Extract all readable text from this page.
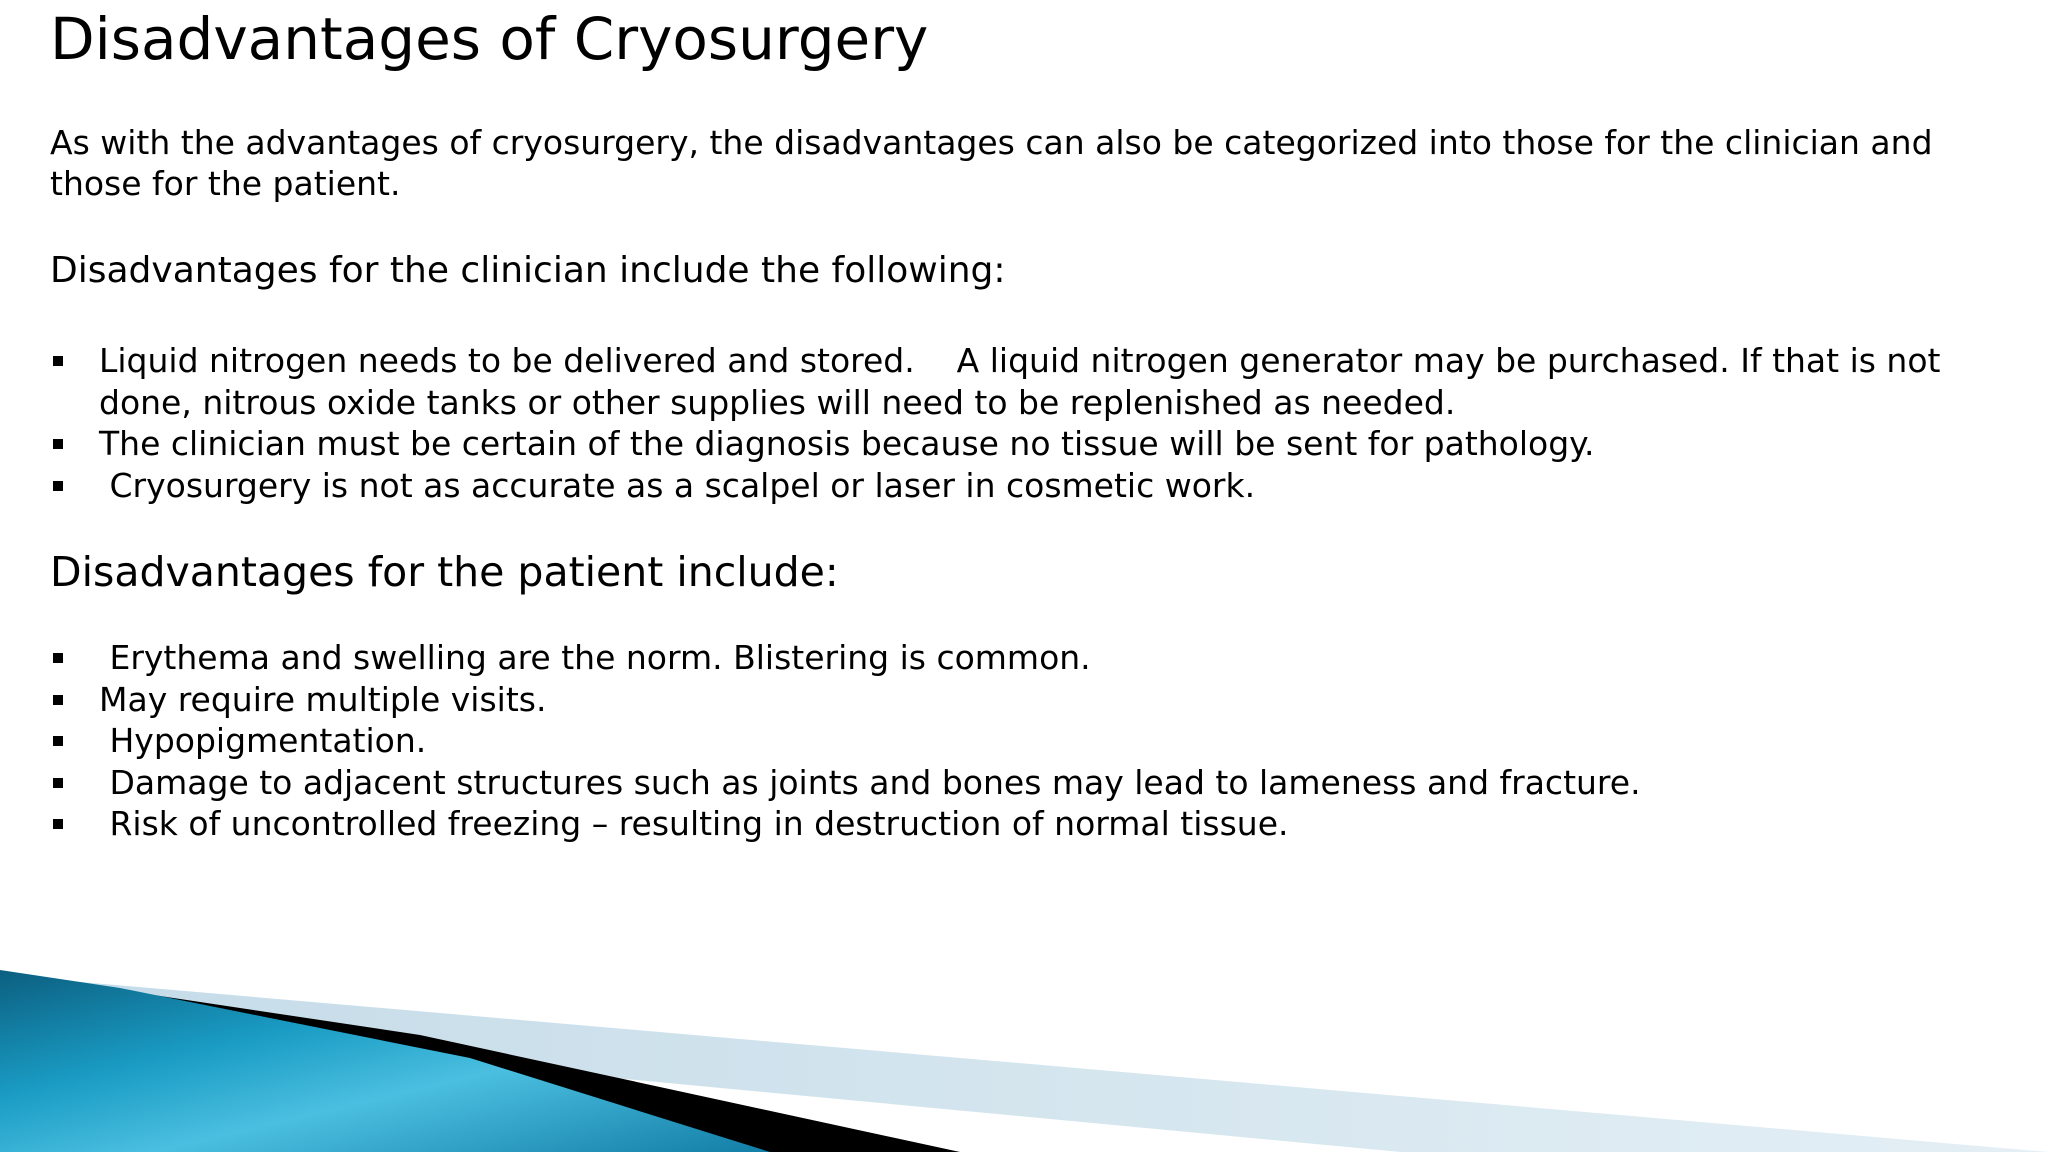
Disadvantages of Cryosurgery
As with the advantages of cryosurgery, the disadvantages can also be categorized into those for the clinician and those for the patient.
Disadvantages for the clinician include the following:
Liquid nitrogen needs to be delivered and stored.    A liquid nitrogen generator may be purchased. If that is not done, nitrous oxide tanks or other supplies will need to be replenished as needed.
The clinician must be certain of the diagnosis because no tissue will be sent for pathology.
Cryosurgery is not as accurate as a scalpel or laser in cosmetic work.
Disadvantages for the patient include:
Erythema and swelling are the norm. Blistering is common.
May require multiple visits.
Hypopigmentation.
Damage to adjacent structures such as joints and bones may lead to lameness and fracture.
Risk of uncontrolled freezing – resulting in destruction of normal tissue.
